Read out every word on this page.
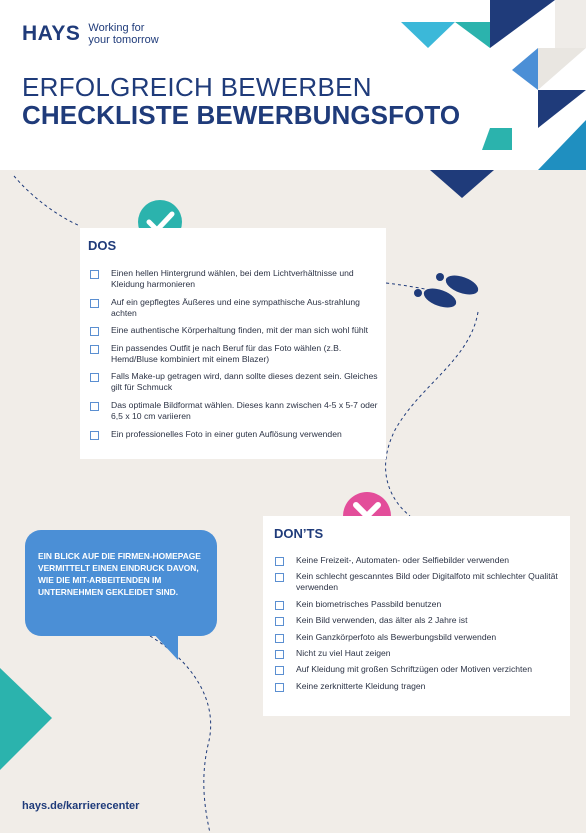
HAYS Working for your tomorrow
ERFOLGREICH BEWERBEN
CHECKLISTE BEWERBUNGSFOTO
DOS
Einen hellen Hintergrund wählen, bei dem Lichtverhältnisse und Kleidung harmonieren
Auf ein gepflegtes Äußeres und eine sympathische Aus-strahlung achten
Eine authentische Körperhaltung finden, mit der man sich wohl fühlt
Ein passendes Outfit je nach Beruf für das Foto wählen (z.B. Hemd/Bluse kombiniert mit einem Blazer)
Falls Make-up getragen wird, dann sollte dieses dezent sein. Gleiches gilt für Schmuck
Das optimale Bildformat wählen. Dieses kann zwischen 4-5 x 5-7 oder 6,5 x 10 cm variieren
Ein professionelles Foto in einer guten Auflösung verwenden
EIN BLICK AUF DIE FIRMEN-HOMEPAGE VERMITTELT EINEN EINDRUCK DAVON, WIE DIE MIT-ARBEITENDEN IM UNTERNEHMEN GEKLEIDET SIND.
DON’TS
Keine Freizeit-, Automaten- oder Selfiebilder verwenden
Kein schlecht gescanntes Bild oder Digitalfoto mit schlechter Qualität verwenden
Kein biometrisches Passbild benutzen
Kein Bild verwenden, das älter als 2 Jahre ist
Kein Ganzkörperfoto als Bewerbungsbild verwenden
Nicht zu viel Haut zeigen
Auf Kleidung mit großen Schriftzügen oder Motiven verzichten
Keine zerknitterte Kleidung tragen
hays.de/karrierecenter
